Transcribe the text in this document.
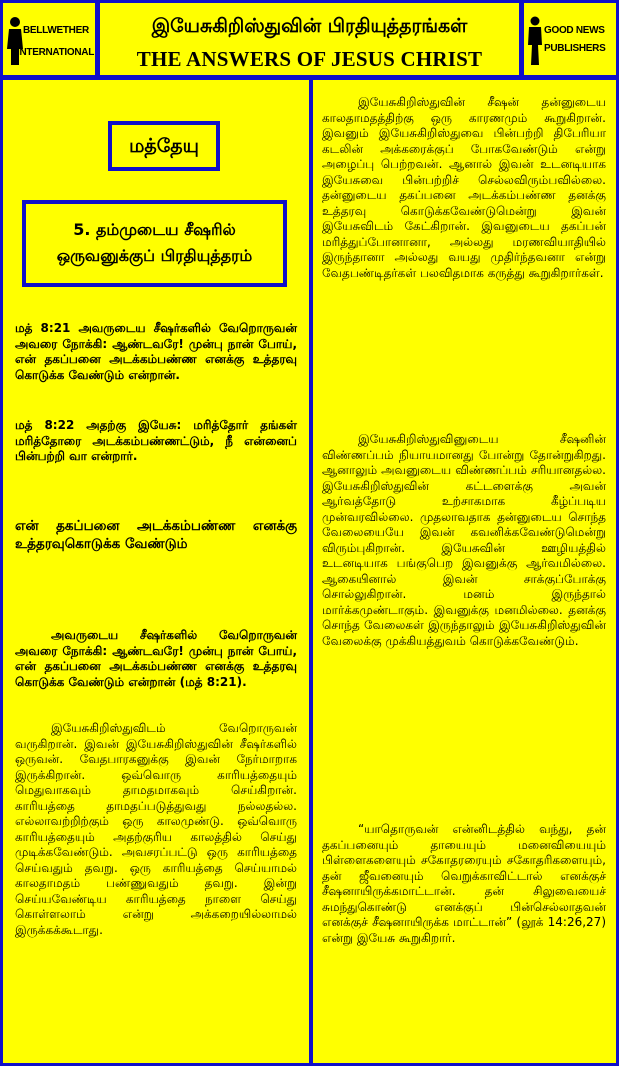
BELLWETHER
INTERNATIONAL
இயேசுகிறிஸ்துவின் பிரதியுத்தரங்கள்
THE ANSWERS OF JESUS CHRIST
GOOD NEWS
PUBLISHERS
மத்தேயு
5. தம்முடைய சீஷரில்
ஒருவனுக்குப் பிரதியுத்தரம்

மத் 8:21 அவருடைய சீஷர்களில் வேறொருவன் அவரை நோக்கி: ஆண்டவரே! முன்பு நான் போய், என் தகப்பனை அடக்கம்பண்ண எனக்கு உத்தரவு கொடுக்க வேண்டும் என்றான்.

மத் 8:22 அதற்கு இயேசு: மரித்தோர் தங்கள் மரித்தோரை அடக்கம்பண்ணட்டும், நீ என்னைப் பின்பற்றி வா என்றார்.

என் தகப்பனை அடக்கம்பண்ண எனக்கு உத்தரவுகொடுக்க வேண்டும்

அவருடைய சீஷர்களில் வேறொருவன் அவரை நோக்கி: ஆண்டவரே! முன்பு நான் போய், என் தகப்பனை அடக்கம்பண்ண எனக்கு உத்தரவு கொடுக்க வேண்டும் என்றான் (மத் 8:21).

இயேசுகிறிஸ்துவிடம் வேறொருவன் வருகிறான். இவன் இயேசுகிறிஸ்துவின் சீஷர்களில் ஒருவன். வேதபாரகனுக்கு இவன் நேர்மாறாக இருக்கிறான். ஒவ்வொரு காரியத்தையும் மெதுவாகவும் தாமதமாகவும் செய்கிறான். காரியத்தை தாமதப்படுத்துவது நல்லதல்ல. எல்லாவற்றிற்கும் ஒரு காலமுண்டு. ஒவ்வொரு காரியத்தையும் அதற்குரிய காலத்தில் செய்து முடிக்கவேண்டும். அவசரப்பட்டு ஒரு காரியத்தை செய்வதும் தவறு. ஒரு காரியத்தை செய்யாமல் காலதாமதம் பண்ணுவதும் தவறு. இன்று செய்யவேண்டிய காரியத்தை நாளை செய்து கொள்ளலாம் என்று அக்கறையில்லாமல் இருக்கக்கூடாது.

இயேசுகிறிஸ்துவின் சீஷன் தன்னுடைய காலதாமதத்திற்கு ஒரு காரணமும் கூறுகிறான். இவனும் இயேசுகிறிஸ்துவை பின்பற்றி திபேரியா கடலின் அக்கரைக்குப் போகவேண்டும் என்று அழைப்பு பெற்றவன். ஆனால் இவன் உடனடியாக இயேசுவை பின்பற்றிச் செல்லவிரும்பவில்லை. தன்னுடைய தகப்பனை அடக்கம்பண்ண தனக்கு உத்தரவு கொடுக்கவேண்டுமென்று இவன் இயேசுவிடம் கேட்கிறான். இவனுடைய தகப்பன் மரித்துப்போனானா, அல்லது மரணவியாதியில் இருந்தானா அல்லது வயது முதிர்ந்தவனா என்று வேதபண்டிதர்கள் பலவிதமாக கருத்து கூறுகிறார்கள்.

இயேசுகிறிஸ்துவினுடைய சீஷனின் விண்ணப்பம் நியாயமானது போன்று தோன்றுகிறது. ஆனாலும் அவனுடைய விண்ணப்பம் சரியானதல்ல. இயேசுகிறிஸ்துவின் கட்டளைக்கு அவன் ஆர்வத்தோடு உற்சாகமாக கீழ்ப்படிய முன்வரவில்லை. முதலாவதாக தன்னுடைய சொந்த வேலையையே இவன் கவனிக்கவேண்டுமென்று விரும்புகிறான். இயேசுவின் ஊழியத்தில் உடனடியாக பங்குபெற இவனுக்கு ஆர்வமில்லை. ஆகையினால் இவன் சாக்குப்போக்கு சொல்லுகிறான். மனம் இருந்தால் மார்க்கமுண்டாகும். இவனுக்கு மனமில்லை. தனக்கு சொந்த வேலைகள் இருந்தாலும் இயேசுகிறிஸ்துவின் வேலைக்கு முக்கியத்துவம் கொடுக்கவேண்டும்.

“யாதொருவன் என்னிடத்தில் வந்து, தன் தகப்பனையும் தாயையும் மனைவியையும் பிள்ளைகளையும் சகோதரரையும் சகோதரிகளையும், தன் ஜீவனையும் வெறுக்காவிட்டால் எனக்குச் சீஷனாயிருக்கமாட்டான். தன் சிலுவையைச் சுமந்துகொண்டு எனக்குப் பின்செல்லாதவன் எனக்குச் சீஷனாயிருக்க மாட்டான்” (லூக் 14:26,27) என்று இயேசு கூறுகிறார்.
